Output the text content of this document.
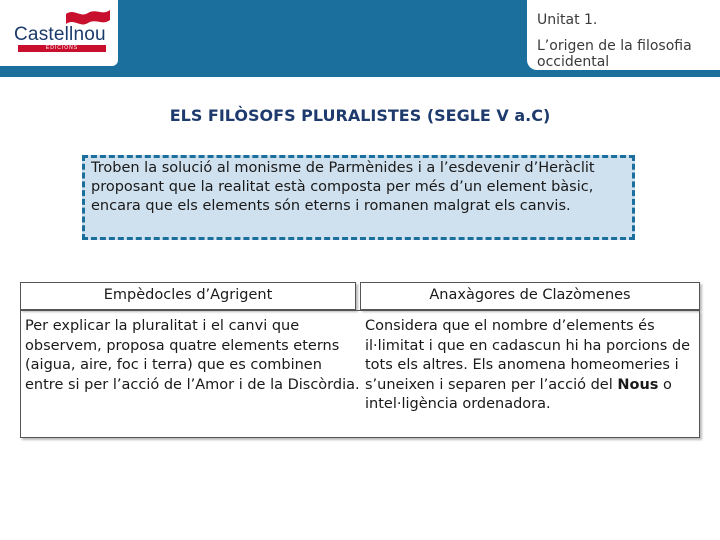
Castellnou
EDICIONS
Unitat 1.
L’origen de la filosofia occidental
ELS FILÒSOFS PLURALISTES (SEGLE V a.C)
Troben la solució al monisme de Parmènides i a l’esdevenir d’Heràclit proposant que la realitat està composta per més d’un element bàsic, encara que els elements són eterns i romanen malgrat els canvis.
Empèdocles d’Agrigent	Anaxàgores de Clazòmenes
Per explicar la pluralitat i el canvi que observem, proposa quatre elements eterns (aigua, aire, foc i terra) que es combinen entre si per l’acció de l’Amor i de la Discòrdia.
Considera que el nombre d’elements és il·limitat i que en cadascun hi ha porcions de tots els altres. Els anomena homeomeries i s’uneixen i separen per l’acció del Nous o intel·ligència ordenadora.
